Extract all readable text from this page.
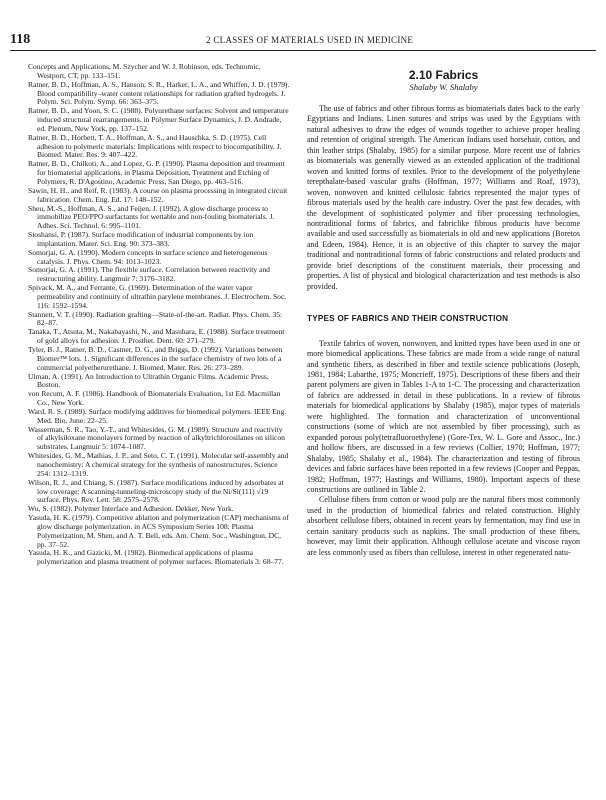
118	2 CLASSES OF MATERIALS USED IN MEDICINE

Concepts and Applications, M. Szycher and W. J. Robinson, eds. Technomic, Westport, CT, pp. 133–151.

Ratner, B. D., Hoffman, A. S., Hanson, S. R., Harker, L. A., and Whiffen, J. D. (1979). Blood compatibility–water content relationships for radiation grafted hydrogels. J. Polym. Sci. Polym. Symp. 66: 363–375.

Ratner, B. D., and Yoon, S. C. (1988). Polyurethane surfaces: Solvent and temperature induced structural rearrangements. in Polymer Surface Dynamics, J. D. Andrade, ed. Plenum, New York, pp. 137–152.

Ratner, B. D., Horbett, T. A., Hoffman, A. S., and Hauschka, S. D. (1975). Cell adhesion to polymeric materials: Implications with respect to biocompatibility. J. Biomed. Mater. Res. 9: 407–422.

Ratner, B. D., Chilkoti, A., and Lopez, G. P. (1990). Plasma deposition and treatment for biomaterial applications. in Plasma Deposition, Treatment and Etching of Polymers, R. D'Agostino, Academic Press, San Diego, pp. 463–516.

Sawin, H. H., and Reif, R. (1983). A course on plasma processing in integrated circuit fabrication. Chem. Eng. Ed. 17: 148–152.

Sheu, M.-S., Hoffman, A. S., and Feijen, J. (1992). A glow discharge process to immobilize PEO/PPO surfactants for wettable and non-fouling biomaterials. J. Adhes. Sci. Technol. 6: 995–1101.

Sioshansi, P. (1987). Surface modification of industrial components by ion implantation. Mater. Sci. Eng. 90: 373–383.

Somorjai, G. A. (1990). Modern concepts in surface science and heterogeneous catalysis. J. Phys. Chem. 94: 1013–1023.

Somorjai, G. A. (1991). The flexible surface. Correlation between reactivity and restructuring ability. Langmuir 7: 3176–3182.

Spivack, M. A., and Ferrante, G. (1969). Determination of the water vapor permeability and continuity of ultrathin parylene membranes. J. Electrochem. Soc. 116: 1592–1594.

Stannett, V. T. (1990). Radiation grafting—State-of-the-art. Radiat. Phys. Chem. 35: 82–87.

Tanaka, T., Atsuta, M., Nakabayashi, N., and Masuhara, E. (1988). Surface treatment of gold alloys for adhesion. J. Prosthet. Dent. 60: 271–279.

Tyler, B. J., Ratner, B. D., Castner, D. G., and Briggs, D. (1992). Variations between Biomer™ lots. 1. Significant differences in the surface chemistry of two lots of a commercial polyetherurethane. J. Biomed. Mater. Res. 26: 273–289.

Ulman, A. (1991). An Introduction to Ultrathin Organic Films. Academic Press, Boston.

von Recum, A. F. (1986). Handbook of Biomaterials Evaluation, 1st Ed. Macmillan Co., New York.

Ward, R. S. (1989). Surface modifying additives for biomedical polymers. IEEE Eng. Med. Bio. June: 22–25.

Wasserman, S. R., Tao, Y.-T., and Whitesides, G. M. (1989). Structure and reactivity of alkylsiloxane monolayers formed by reaction of alkyltrichlorosilanes on silicon substrates. Langmuir 5: 1074–1087.

Whitesides, G. M., Mathias, J. P., and Seto, C. T. (1991). Molecular self-assembly and nanochemistry: A chemical strategy for the synthesis of nanostructures. Science 254: 1312–1319.

Wilson, R. J., and Chiang, S. (1987). Surface modifications induced by adsorbates at low coverage: A scanning-tunneling-microscopy study of the Ni/Si(111) √19 surface. Phys. Rev. Lett. 58: 2575–2578.

Wu, S. (1982). Polymer Interface and Adhesion. Dekker, New York.

Yasuda, H. K. (1979). Competitive ablation and polymerization (CAP) mechanisms of glow discharge polymerization. in ACS Symposium Series 108: Plasma Polymerization, M. Shen, and A. T. Bell, eds. Am. Chem. Soc., Washington, DC, pp. 37–52.

Yasuda, H. K., and Gazicki, M. (1982). Biomedical applications of plasma polymerization and plasma treatment of polymer surfaces. Biomaterials 3: 68–77.

2.10 Fabrics

Shalaby W. Shalaby

The use of fabrics and other fibrous forms as biomaterials dates back to the early Egyptians and Indians. Linen sutures and strips was used by the Egyptians with natural adhesives to draw the edges of wounds together to achieve proper healing and retention of original strength. The American Indians used horsehair, cotton, and thin leather strips (Shalaby, 1985) for a similar purpose. More recent use of fabrics as biomaterials was generally viewed as an extended application of the traditional woven and knitted forms of textiles. Prior to the development of the polyethylene terepthalate-based vascular grafts (Hoffman, 1977; Williams and Roaf, 1973), woven, nonwoven and knitted cellulosic fabrics represented the major types of fibrous materials used by the health care industry. Over the past few decades, with the development of sophisticated polymer and fiber processing technologies, nontraditional forms of fabrics, and fabriclike fibrous products have become available and used successfully as biomaterials in old and new applications (Boretos and Edeen, 1984). Hence, it is an objective of this chapter to survey the major traditional and nontraditional forms of fabric constructions and related products and provide brief descriptions of the constituent materials, their processing and properties. A list of physical and biological characterization and test methods is also provided.

TYPES OF FABRICS AND THEIR CONSTRUCTION

Textile fabrics of woven, nonwoven, and knitted types have been used in one or more biomedical applications. These fabrics are made from a wide range of natural and synthetic fibers, as described in fiber and textile science publications (Joseph, 1981, 1984; Labarthe, 1975; Moncrieff, 1975). Descriptions of these fibers and their parent polymers are given in Tables 1-A to 1-C. The processing and characterization of fabrics are addressed in detail in these publications. In a review of fibrous materials for biomedical applications by Shalaby (1985), major types of materials were highlighted. The formation and characterization of unconventional constructions (some of which are not assembled by fiber processing), such as expanded porous poly(tetrafluoroethylene) (Gore-Tex, W. L. Gore and Assoc., Inc.) and hollow fibers, are discussed in a few reviews (Collier, 1970; Hoffman, 1977; Shalaby, 1985; Shalaby et al., 1984). The characterization and testing of fibrous devices and fabric surfaces have been reported in a few reviews (Cooper and Peppas, 1982; Hoffman, 1977; Hastings and Williams, 1980). Important aspects of these constructions are outlined in Table 2.

Cellulose fibers from cotton or wood pulp are the natural fibers most commonly used in the production of biomedical fabrics and related construction. Highly absorbent cellulose fibers, obtained in recent years by fermentation, may find use in certain sanitary products such as napkins. The small production of these fibers, however, may limit their application. Although cellulose acetate and viscose rayon are less commonly used as fibers than cellulose, interest in other regenerated natu-
